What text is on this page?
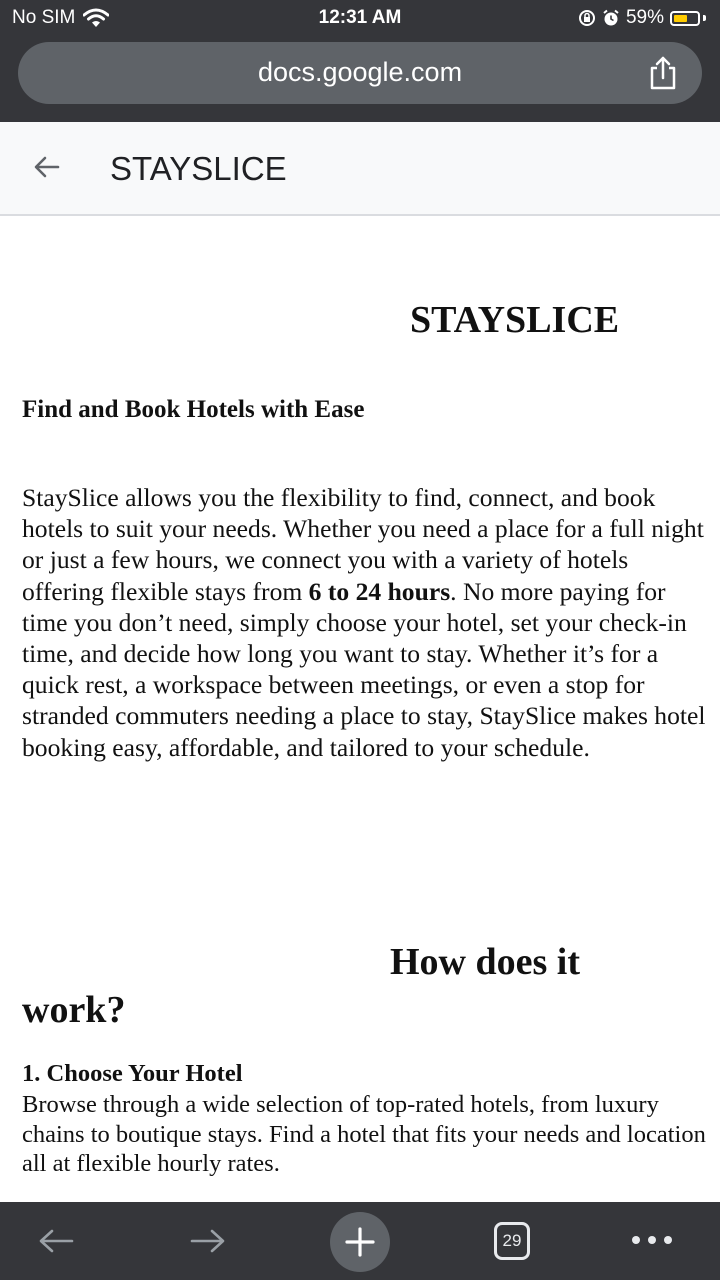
No SIM	12:31 AM	59%
docs.google.com
STAYSLICE
STAYSLICE
Find and Book Hotels with Ease

StaySlice allows you the flexibility to find, connect, and book hotels to suit your needs. Whether you need a place for a full night or just a few hours, we connect you with a variety of hotels offering flexible stays from 6 to 24 hours. No more paying for time you don’t need, simply choose your hotel, set your check-in time, and decide how long you want to stay. Whether it’s for a quick rest, a workspace between meetings, or even a stop for stranded commuters needing a place to stay, StaySlice makes hotel booking easy, affordable, and tailored to your schedule.

How does it
work?
1. Choose Your Hotel

Browse through a wide selection of top-rated hotels, from luxury chains to boutique stays. Find a hotel that fits your needs and location all at flexible hourly rates.

29
